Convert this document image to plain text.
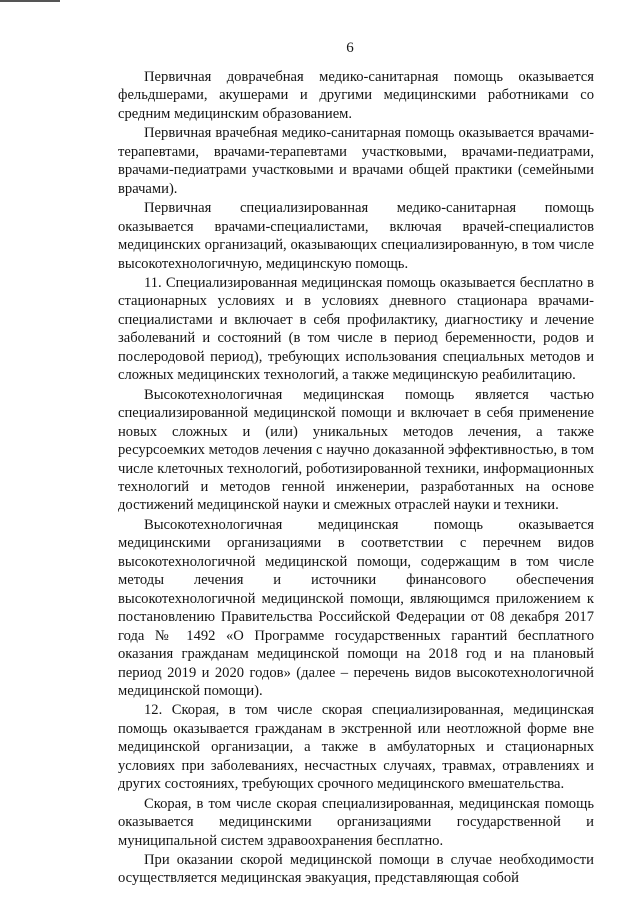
6

Первичная доврачебная медико-санитарная помощь оказывается фельдшерами, акушерами и другими медицинскими работниками со средним медицинским образованием.

Первичная врачебная медико-санитарная помощь оказывается врачами-терапевтами, врачами-терапевтами участковыми, врачами-педиатрами, врачами-педиатрами участковыми и врачами общей практики (семейными врачами).

Первичная специализированная медико-санитарная помощь оказывается врачами-специалистами, включая врачей-специалистов медицинских организаций, оказывающих специализированную, в том числе высокотехнологичную, медицинскую помощь.

11. Специализированная медицинская помощь оказывается бесплатно в стационарных условиях и в условиях дневного стационара врачами-специалистами и включает в себя профилактику, диагностику и лечение заболеваний и состояний (в том числе в период беременности, родов и послеродовой период), требующих использования специальных методов и сложных медицинских технологий, а также медицинскую реабилитацию.

Высокотехнологичная медицинская помощь является частью специализированной медицинской помощи и включает в себя применение новых сложных и (или) уникальных методов лечения, а также ресурсоемких методов лечения с научно доказанной эффективностью, в том числе клеточных технологий, роботизированной техники, информационных технологий и методов генной инженерии, разработанных на основе достижений медицинской науки и смежных отраслей науки и техники.

Высокотехнологичная медицинская помощь оказывается медицинскими организациями в соответствии с перечнем видов высокотехнологичной медицинской помощи, содержащим в том числе методы лечения и источники финансового обеспечения высокотехнологичной медицинской помощи, являющимся приложением к постановлению Правительства Российской Федерации от 08 декабря 2017 года № 1492 «О Программе государственных гарантий бесплатного оказания гражданам медицинской помощи на 2018 год и на плановый период 2019 и 2020 годов» (далее – перечень видов высокотехнологичной медицинской помощи).

12. Скорая, в том числе скорая специализированная, медицинская помощь оказывается гражданам в экстренной или неотложной форме вне медицинской организации, а также в амбулаторных и стационарных условиях при заболеваниях, несчастных случаях, травмах, отравлениях и других состояниях, требующих срочного медицинского вмешательства.

Скорая, в том числе скорая специализированная, медицинская помощь оказывается медицинскими организациями государственной и муниципальной систем здравоохранения бесплатно.

При оказании скорой медицинской помощи в случае необходимости осуществляется медицинская эвакуация, представляющая собой
